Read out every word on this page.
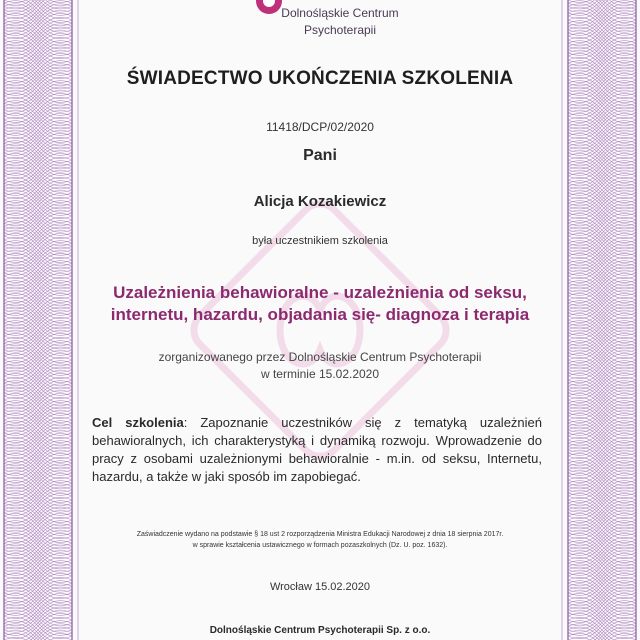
Dolnośląskie Centrum
Psychoterapii
ŚWIADECTWO UKOŃCZENIA SZKOLENIA
11418/DCP/02/2020
Pani
Alicja Kozakiewicz
była uczestnikiem szkolenia
Uzależnienia behawioralne - uzależnienia od seksu,
internetu, hazardu, objadania się- diagnoza i terapia
zorganizowanego przez Dolnośląskie Centrum Psychoterapii
w terminie 15.02.2020
Cel szkolenia: Zapoznanie uczestników się z tematyką uzależnień behawioralnych, ich charakterystyką i dynamiką rozwoju. Wprowadzenie do pracy z osobami uzależnionymi behawioralnie - m.in. od seksu, Internetu, hazardu, a także w jaki sposób im zapobiegać.
Zaświadczenie wydano na podstawie § 18 ust 2 rozporządzenia Ministra Edukacji Narodowej z dnia 18 sierpnia 2017r.
w sprawie kształcenia ustawicznego w formach pozaszkolnych (Dz. U. poz. 1632).
Wrocław 15.02.2020
Dolnośląskie Centrum Psychoterapii Sp. z o.o.
